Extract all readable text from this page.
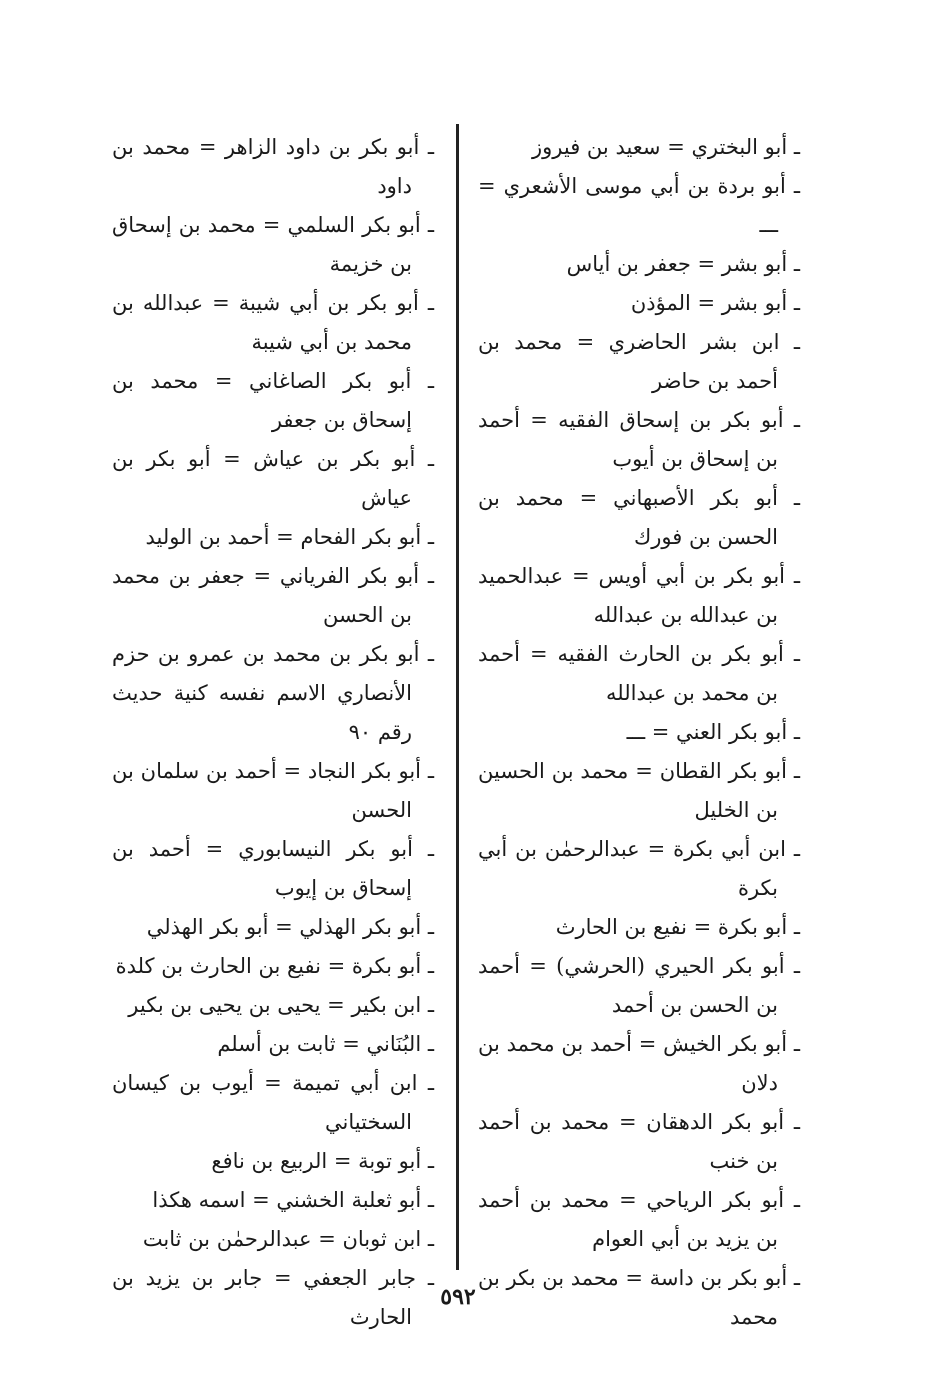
ـ أبو البختري = سعيد بن فيروز

ـ أبو بردة بن أبي موسى الأشعري = ـــ

ـ أبو بشر = جعفر بن أياس

ـ أبو بشر = المؤذن

ـ ابن بشر الحاضري = محمد بن أحمد بن حاضر

ـ أبو بكر بن إسحاق الفقيه = أحمد بن إسحاق بن أيوب

ـ أبو بكر الأصبهاني = محمد بن الحسن بن فورك

ـ أبو بكر بن أبي أويس = عبدالحميد بن عبدالله بن عبدالله

ـ أبو بكر بن الحارث الفقيه = أحمد بن محمد بن عبدالله

ـ أبو بكر العني = ـــ

ـ أبو بكر القطان = محمد بن الحسين بن الخليل

ـ ابن أبي بكرة = عبدالرحمٰن بن أبي بكرة

ـ أبو بكرة = نفيع بن الحارث

ـ أبو بكر الحيري (الحرشي) = أحمد بن الحسن بن أحمد

ـ أبو بكر الخيش = أحمد بن محمد بن دلان

ـ أبو بكر الدهقان = محمد بن أحمد بن خنب

ـ أبو بكر الرياحي = محمد بن أحمد بن يزيد بن أبي العوام

ـ أبو بكر بن داسة = محمد بن بكر بن محمد

ـ أبو بكر بن داود الزاهر = محمد بن داود

ـ أبو بكر السلمي = محمد بن إسحاق بن خزيمة

ـ أبو بكر بن أبي شيبة = عبدالله بن محمد بن أبي شيبة

ـ أبو بكر الصاغاني = محمد بن إسحاق بن جعفر

ـ أبو بكر بن عياش = أبو بكر بن عياش

ـ أبو بكر الفحام = أحمد بن الوليد

ـ أبو بكر الفرياني = جعفر بن محمد بن الحسن

ـ أبو بكر بن محمد بن عمرو بن حزم الأنصاري الاسم نفسه كنية حديث رقم ٩٠

ـ أبو بكر النجاد = أحمد بن سلمان بن الحسن

ـ أبو بكر النيسابوري = أحمد بن إسحاق بن إيوب

ـ أبو بكر الهذلي = أبو بكر الهذلي

ـ أبو بكرة = نفيع بن الحارث بن كلدة

ـ ابن بكير = يحيى بن يحيى بن بكير

ـ البُنَاني = ثابت بن أسلم

ـ ابن أبي تميمة = أيوب بن كيسان السختياني

ـ أبو توبة = الربيع بن نافع

ـ أبو ثعلبة الخشني = اسمه هكذا

ـ ابن ثوبان = عبدالرحمٰن بن ثابت

ـ جابر الجعفي = جابر بن يزيد بن الحارث

٥٩٢
